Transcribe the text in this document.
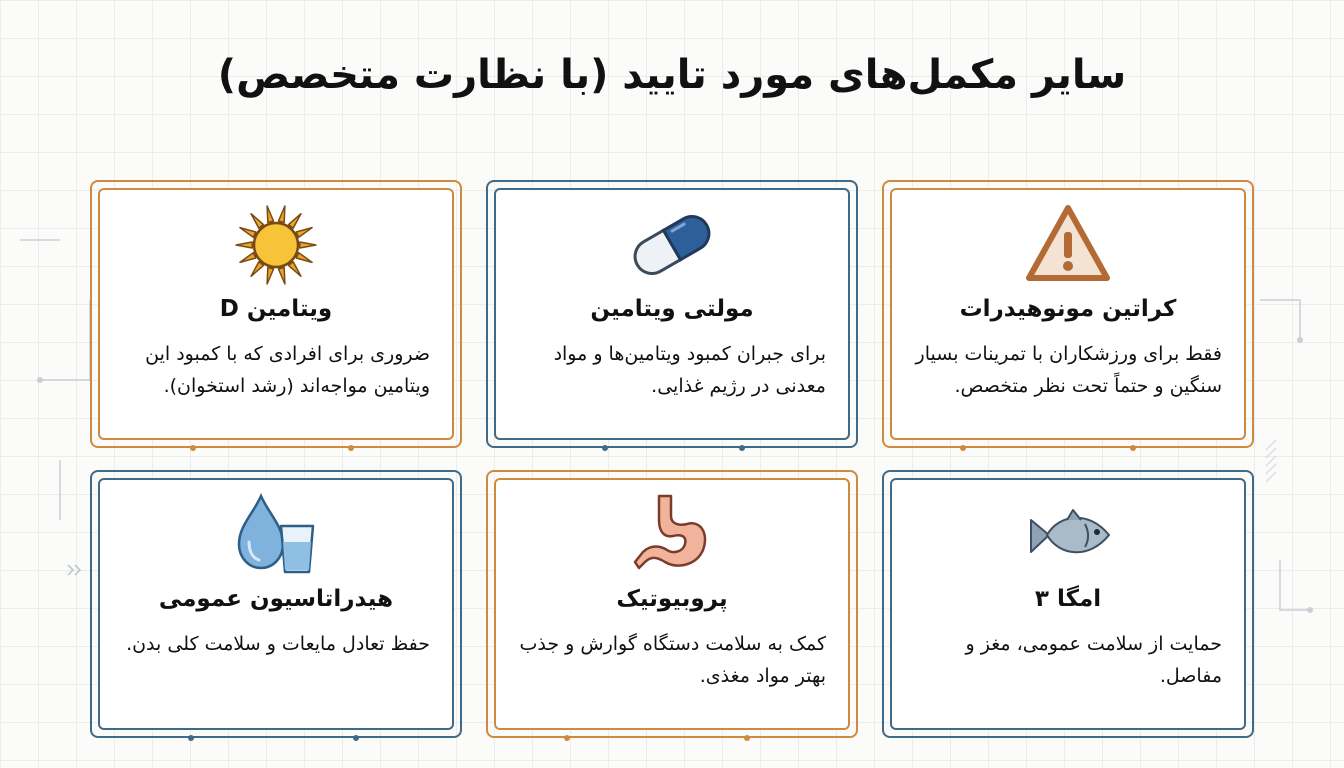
سایر مکمل‌های مورد تایید (با نظارت متخصص)
کراتین مونوهیدرات
فقط برای ورزشکاران با تمرینات بسیار سنگین و حتماً تحت نظر متخصص.
مولتی ویتامین
برای جبران کمبود ویتامین‌ها و مواد معدنی در رژیم غذایی.
ویتامین D
ضروری برای افرادی که با کمبود این ویتامین مواجه‌اند (رشد استخوان).
امگا ۳
حمایت از سلامت عمومی، مغز و مفاصل.
پروبیوتیک
کمک به سلامت دستگاه گوارش و جذب بهتر مواد مغذی.
هیدراتاسیون عمومی
حفظ تعادل مایعات و سلامت کلی بدن.
